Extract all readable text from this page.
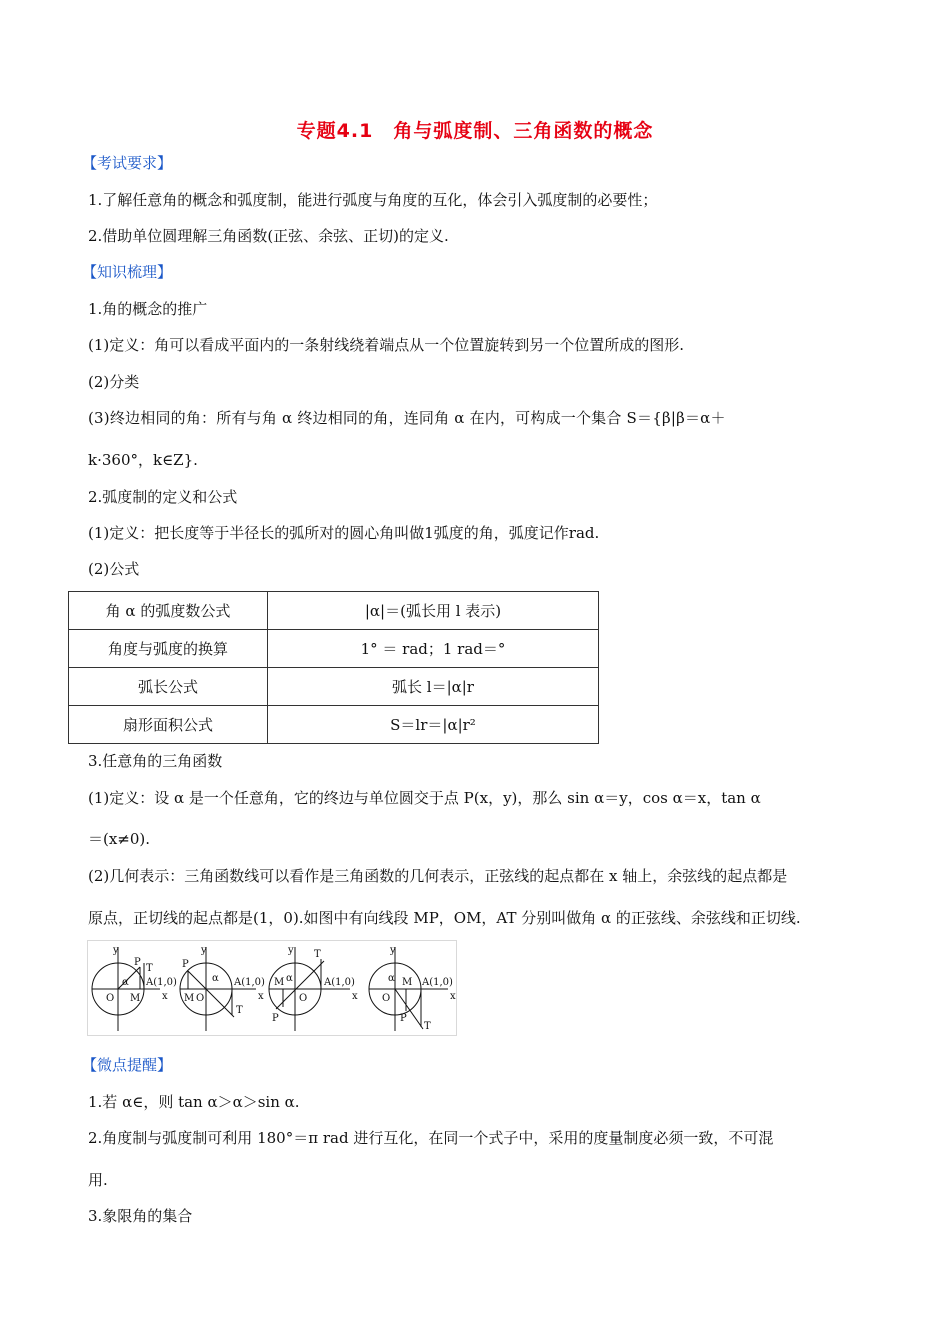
专题4.1　角与弧度制、三角函数的概念
【考试要求】
1.了解任意角的概念和弧度制，能进行弧度与角度的互化，体会引入弧度制的必要性；
2.借助单位圆理解三角函数(正弦、余弦、正切)的定义.
【知识梳理】
1.角的概念的推广
(1)定义：角可以看成平面内的一条射线绕着端点从一个位置旋转到另一个位置所成的图形.
(2)分类
(3)终边相同的角：所有与角 α 终边相同的角，连同角 α 在内，可构成一个集合 S＝{β|β＝α＋
k·360°，k∈Z}.
2.弧度制的定义和公式
(1)定义：把长度等于半径长的弧所对的圆心角叫做1弧度的角，弧度记作rad.
(2)公式
角 α 的弧度数公式	|α|＝(弧长用 l 表示)
角度与弧度的换算	1° ＝ rad；1 rad＝°
弧长公式	弧长 l＝|α|r
扇形面积公式	S＝lr＝|α|r²
3.任意角的三角函数
(1)定义：设 α 是一个任意角，它的终边与单位圆交于点 P(x，y)，那么 sin α＝y，cos α＝x，tan α
＝(x≠0).
(2)几何表示：三角函数线可以看作是三角函数的几何表示，正弦线的起点都在 x 轴上，余弦线的起点都是
原点，正切线的起点都是(1，0).如图中有向线段 MP，OM，AT 分别叫做角 α 的正弦线、余弦线和正切线.
y
x
O M
P
T
α A(1,0)
y
x
M O
P
T
α A(1,0)
y
x
M
O
P
T
α	A(1,0)
y
x
O
M
P
T
α	A(1,0)
【微点提醒】
1.若 α∈，则 tan α＞α＞sin α.
2.角度制与弧度制可利用 180°＝π rad 进行互化，在同一个式子中，采用的度量制度必须一致，不可混
用.
3.象限角的集合
